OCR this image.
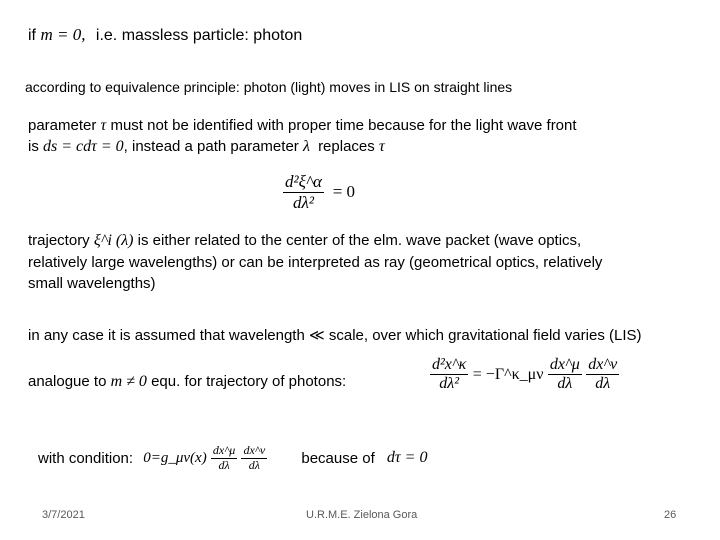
if m = 0, i.e. massless particle: photon
according to equivalence principle: photon (light) moves in LIS on straight lines
parameter τ must not be identified with proper time because for the light wave front
is ds = cdτ = 0, instead a path parameter λ replaces τ
$\frac{\text{d²ξ\textasciicircum{}α}}{\text{dλ²}} = 0$
trajectory ξ^i (λ) is either related to the center of the elm. wave packet (wave optics,
relatively large wavelengths) or can be interpreted as ray (geometrical optics, relatively
small wavelengths)
in any case it is assumed that wavelength ≪ scale, over which gravitational field varies (LIS)
analogue to m ≠ 0 equ. for trajectory of photons:	$\frac{\text{d²x\textasciicircum{}κ}}{\text{dλ²}}$ = −Γ^κ_μν $\frac{dx\^{}\mu}{d\lambda}$
$\frac{dx\^{}\nu}{d\lambda}$
with condition: 0=g_μν(x) $\frac{dx\^{}\mu}{d\lambda}$
$\frac{dx\^{}\nu}{d\lambda}$ because of dτ = 0
3/7/2021	U.R.M.E. Zielona Gora	26
